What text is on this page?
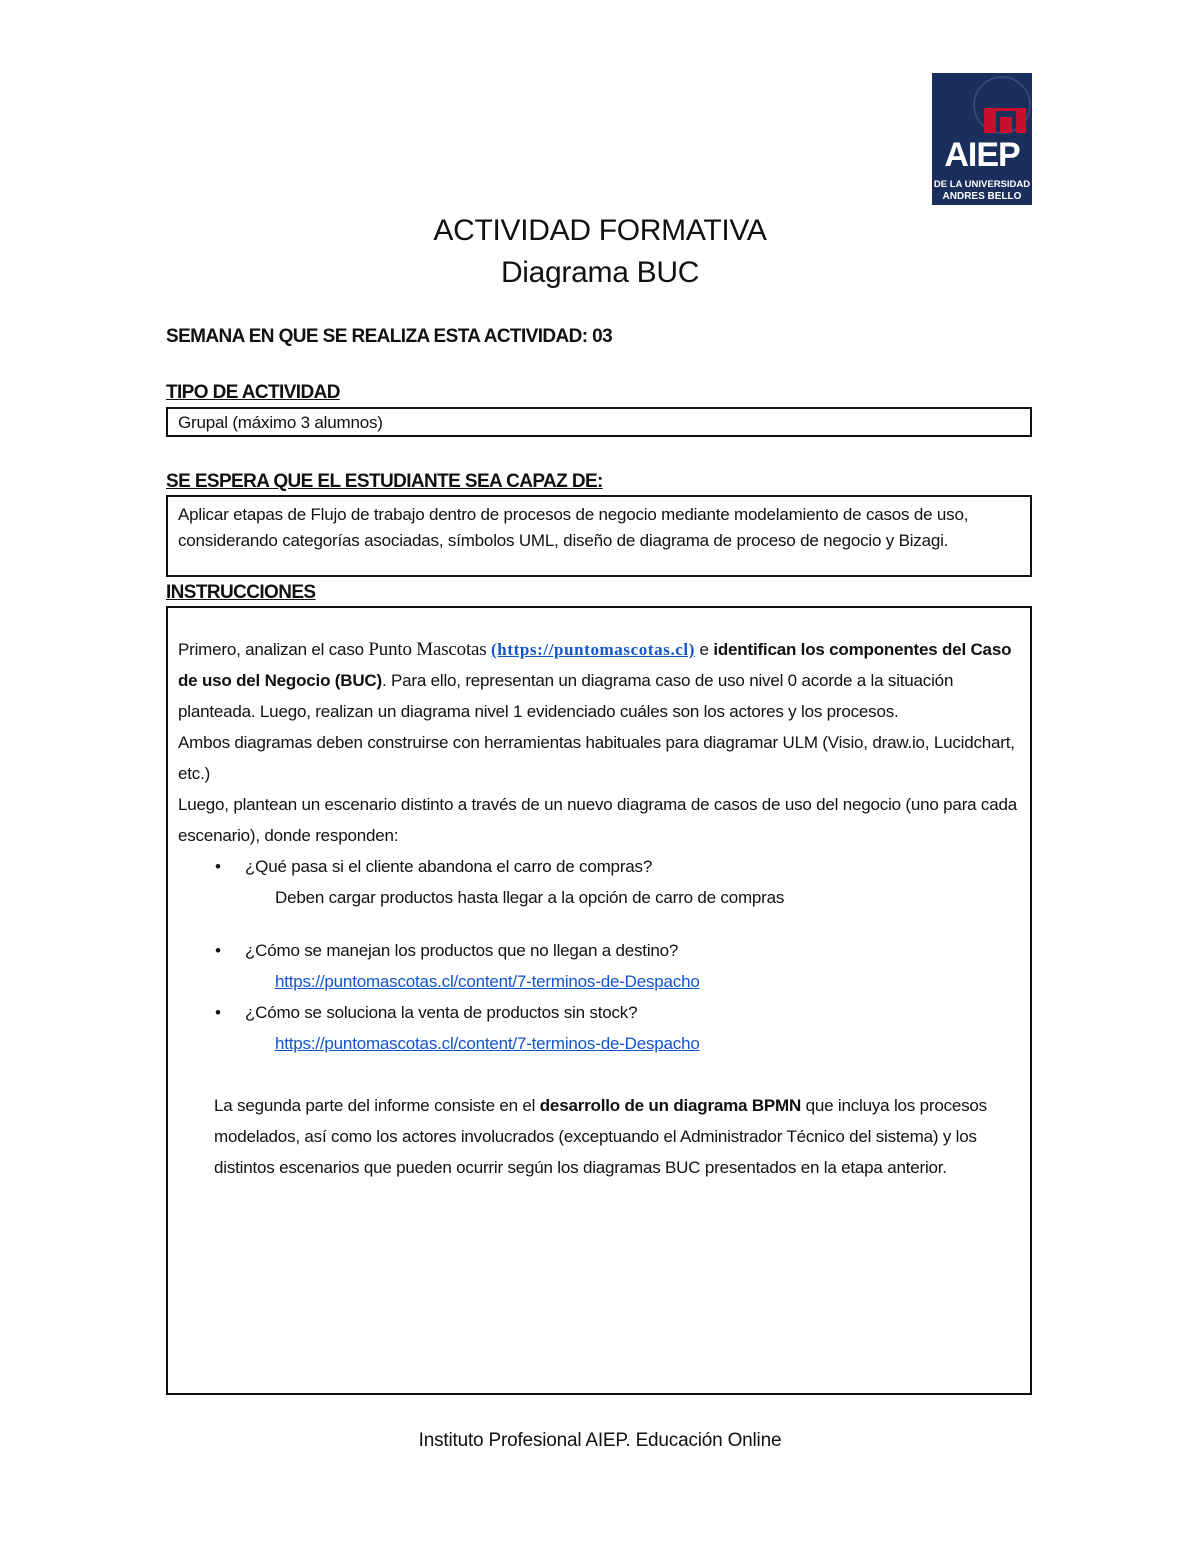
AIEP
DE LA UNIVERSIDAD
ANDRES BELLO
ACTIVIDAD FORMATIVA
Diagrama BUC
SEMANA EN QUE SE REALIZA ESTA ACTIVIDAD: 03
TIPO DE ACTIVIDAD
Grupal (máximo 3 alumnos)
SE ESPERA QUE EL ESTUDIANTE SEA CAPAZ DE:
Aplicar etapas de Flujo de trabajo dentro de procesos de negocio mediante modelamiento de casos de uso, considerando categorías asociadas, símbolos UML, diseño de diagrama de proceso de negocio y Bizagi.
INSTRUCCIONES

Primero, analizan el caso Punto Mascotas (https://puntomascotas.cl) e identifican los componentes del Caso de uso del Negocio (BUC). Para ello, representan un diagrama caso de uso nivel 0 acorde a la situación planteada. Luego, realizan un diagrama nivel 1 evidenciado cuáles son los actores y los procesos.

Ambos diagramas deben construirse con herramientas habituales para diagramar ULM (Visio, draw.io, Lucidchart, etc.)

Luego, plantean un escenario distinto a través de un nuevo diagrama de casos de uso del negocio (uno para cada escenario), donde responden:

• ¿Qué pasa si el cliente abandona el carro de compras?
Deben cargar productos hasta llegar a la opción de carro de compras
• ¿Cómo se manejan los productos que no llegan a destino?
https://puntomascotas.cl/content/7-terminos-de-Despacho
• ¿Cómo se soluciona la venta de productos sin stock?
https://puntomascotas.cl/content/7-terminos-de-Despacho

La segunda parte del informe consiste en el desarrollo de un diagrama BPMN que incluya los procesos modelados, así como los actores involucrados (exceptuando el Administrador Técnico del sistema) y los distintos escenarios que pueden ocurrir según los diagramas BUC presentados en la etapa anterior.

Instituto Profesional AIEP. Educación Online
